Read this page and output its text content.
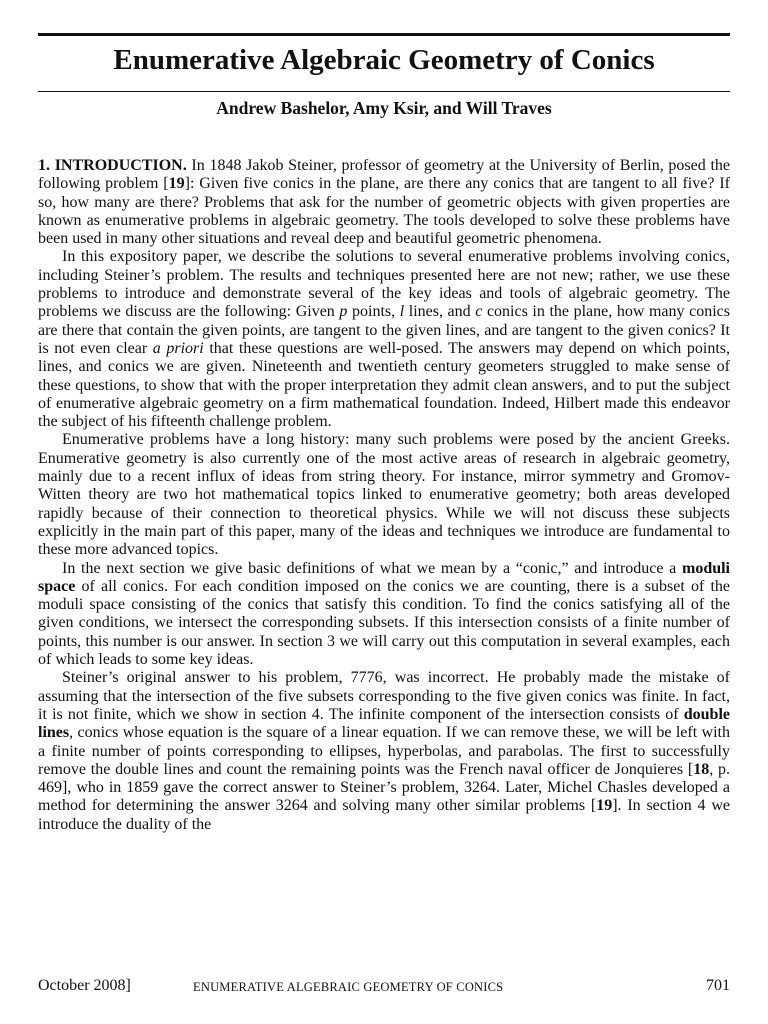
Enumerative Algebraic Geometry of Conics
Andrew Bashelor, Amy Ksir, and Will Traves

1. INTRODUCTION. In 1848 Jakob Steiner, professor of geometry at the University of Berlin, posed the following problem [19]: Given five conics in the plane, are there any conics that are tangent to all five? If so, how many are there? Problems that ask for the number of geometric objects with given properties are known as enumerative problems in algebraic geometry. The tools developed to solve these problems have been used in many other situations and reveal deep and beautiful geometric phenomena.

In this expository paper, we describe the solutions to several enumerative problems involving conics, including Steiner’s problem. The results and techniques presented here are not new; rather, we use these problems to introduce and demonstrate several of the key ideas and tools of algebraic geometry. The problems we discuss are the following: Given p points, l lines, and c conics in the plane, how many conics are there that contain the given points, are tangent to the given lines, and are tangent to the given conics? It is not even clear a priori that these questions are well-posed. The answers may depend on which points, lines, and conics we are given. Nineteenth and twentieth century geometers struggled to make sense of these questions, to show that with the proper interpretation they admit clean answers, and to put the subject of enumerative algebraic geometry on a firm mathematical foundation. Indeed, Hilbert made this endeavor the subject of his fifteenth challenge problem.

Enumerative problems have a long history: many such problems were posed by the ancient Greeks. Enumerative geometry is also currently one of the most active areas of research in algebraic geometry, mainly due to a recent influx of ideas from string theory. For instance, mirror symmetry and Gromov-Witten theory are two hot mathematical topics linked to enumerative geometry; both areas developed rapidly because of their connection to theoretical physics. While we will not discuss these subjects explicitly in the main part of this paper, many of the ideas and techniques we introduce are fundamental to these more advanced topics.

In the next section we give basic definitions of what we mean by a “conic,” and introduce a moduli space of all conics. For each condition imposed on the conics we are counting, there is a subset of the moduli space consisting of the conics that satisfy this condition. To find the conics satisfying all of the given conditions, we intersect the corresponding subsets. If this intersection consists of a finite number of points, this number is our answer. In section 3 we will carry out this computation in several examples, each of which leads to some key ideas.

Steiner’s original answer to his problem, 7776, was incorrect. He probably made the mistake of assuming that the intersection of the five subsets corresponding to the five given conics was finite. In fact, it is not finite, which we show in section 4. The infinite component of the intersection consists of double lines, conics whose equation is the square of a linear equation. If we can remove these, we will be left with a finite number of points corresponding to ellipses, hyperbolas, and parabolas. The first to successfully remove the double lines and count the remaining points was the French naval officer de Jonquieres [18, p. 469], who in 1859 gave the correct answer to Steiner’s problem, 3264. Later, Michel Chasles developed a method for determining the answer 3264 and solving many other similar problems [19]. In section 4 we introduce the duality of the

October 2008]	ENUMERATIVE ALGEBRAIC GEOMETRY OF CONICS	701
